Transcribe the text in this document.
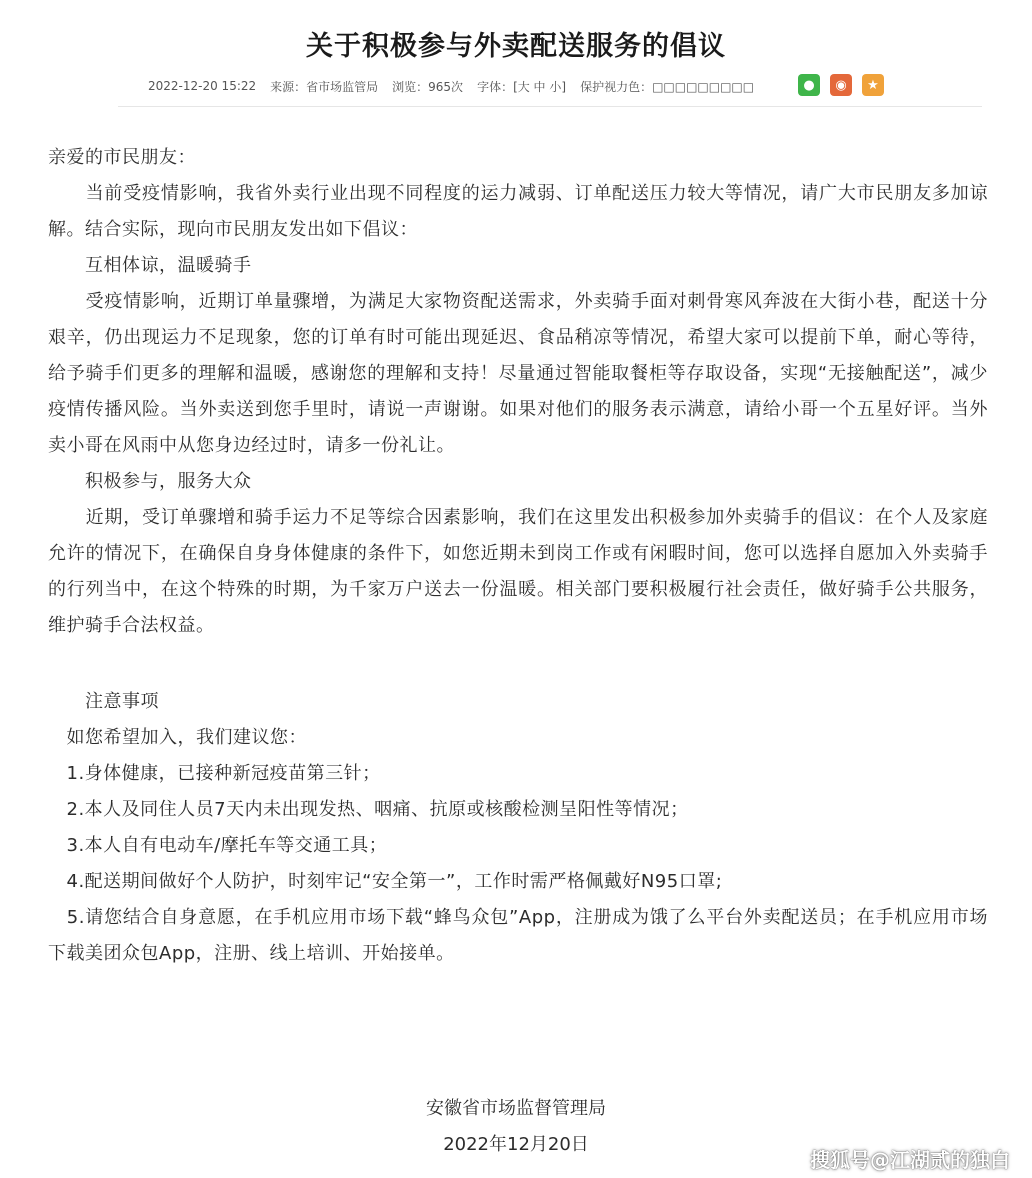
关于积极参与外卖配送服务的倡议
2022-12-20 15:22 来源：省市场监管局 浏览：965次 字体：[大 中 小] 保护视力色：□□□□□□□□□	●	◉	★
亲爱的市民朋友：
　　当前受疫情影响，我省外卖行业出现不同程度的运力减弱、订单配送压力较大等情况，请广大市民朋友多加谅解。结合实际，现向市民朋友发出如下倡议：
　　互相体谅，温暖骑手
　　受疫情影响，近期订单量骤增，为满足大家物资配送需求，外卖骑手面对刺骨寒风奔波在大街小巷，配送十分艰辛，仍出现运力不足现象，您的订单有时可能出现延迟、食品稍凉等情况，希望大家可以提前下单，耐心等待，给予骑手们更多的理解和温暖，感谢您的理解和支持！尽量通过智能取餐柜等存取设备，实现“无接触配送”，减少疫情传播风险。当外卖送到您手里时，请说一声谢谢。如果对他们的服务表示满意，请给小哥一个五星好评。当外卖小哥在风雨中从您身边经过时，请多一份礼让。
　　积极参与，服务大众
　　近期，受订单骤增和骑手运力不足等综合因素影响，我们在这里发出积极参加外卖骑手的倡议：在个人及家庭允许的情况下，在确保自身身体健康的条件下，如您近期未到岗工作或有闲暇时间，您可以选择自愿加入外卖骑手的行列当中，在这个特殊的时期，为千家万户送去一份温暖。相关部门要积极履行社会责任，做好骑手公共服务，维护骑手合法权益。
　　注意事项
　如您希望加入，我们建议您：
　1.身体健康，已接种新冠疫苗第三针；
　2.本人及同住人员7天内未出现发热、咽痛、抗原或核酸检测呈阳性等情况；
　3.本人自有电动车/摩托车等交通工具；
　4.配送期间做好个人防护，时刻牢记“安全第一”，工作时需严格佩戴好N95口罩;
　5.请您结合自身意愿，在手机应用市场下载“蜂鸟众包”App，注册成为饿了么平台外卖配送员；在手机应用市场下载美团众包App，注册、线上培训、开始接单。
安徽省市场监督管理局
2022年12月20日
搜狐号@江湖贰的独白
